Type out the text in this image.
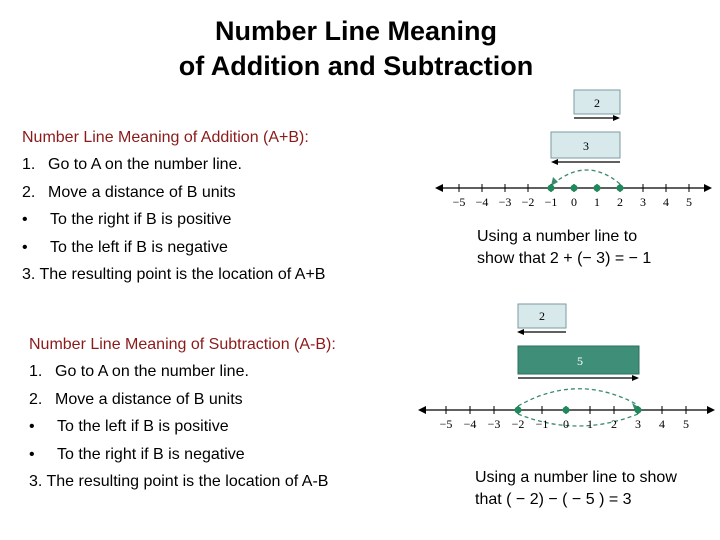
Number Line Meaning
of Addition and Subtraction
Number Line Meaning of Addition (A+B):
1. Go to A on the number line.
2. Move a distance of B units
• To the right if B is positive
• To the left if B is negative
3. The resulting point is the location of A+B
Number Line Meaning of Subtraction (A-B):
1. Go to A on the number line.
2. Move a distance of B units
• To the left if B is positive
• To the right if B is negative
3. The resulting point is the location of A-B
2
3
−5 −4 −3 −2 −1 0 1 2 3 4 5
Using a number line to
show that 2 + (− 3) = − 1
2
5
−5 −4 −3 −2 −1 0 1 2 3 4 5
Using a number line to show
that ( − 2) − ( − 5 ) = 3
